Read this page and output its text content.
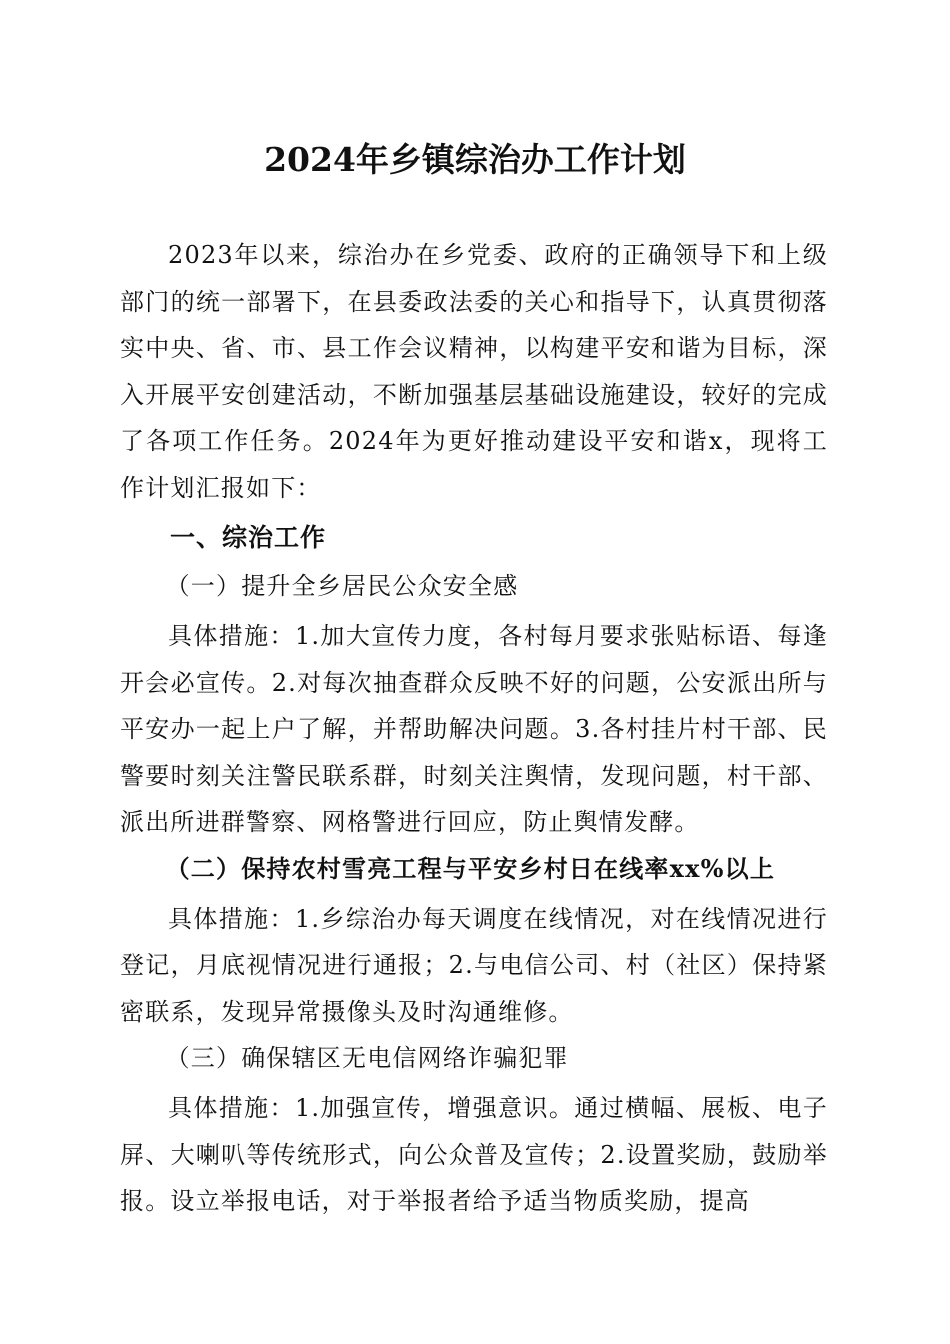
2024年乡镇综治办工作计划

2023年以来，综治办在乡党委、政府的正确领导下和上级部门的统一部署下，在县委政法委的关心和指导下，认真贯彻落实中央、省、市、县工作会议精神，以构建平安和谐为目标，深入开展平安创建活动，不断加强基层基础设施建设，较好的完成了各项工作任务。2024年为更好推动建设平安和谐x，现将工作计划汇报如下：

一、综治工作
（一）提升全乡居民公众安全感

具体措施：1.加大宣传力度，各村每月要求张贴标语、每逢开会必宣传。2.对每次抽查群众反映不好的问题，公安派出所与平安办一起上户了解，并帮助解决问题。3.各村挂片村干部、民警要时刻关注警民联系群，时刻关注舆情，发现问题，村干部、派出所进群警察、网格警进行回应，防止舆情发酵。

（二）保持农村雪亮工程与平安乡村日在线率xx%以上

具体措施：1.乡综治办每天调度在线情况，对在线情况进行登记，月底视情况进行通报；2.与电信公司、村（社区）保持紧密联系，发现异常摄像头及时沟通维修。

（三）确保辖区无电信网络诈骗犯罪

具体措施：1.加强宣传，增强意识。通过横幅、展板、电子屏、大喇叭等传统形式，向公众普及宣传；2.设置奖励，鼓励举报。设立举报电话，对于举报者给予适当物质奖励，提高
